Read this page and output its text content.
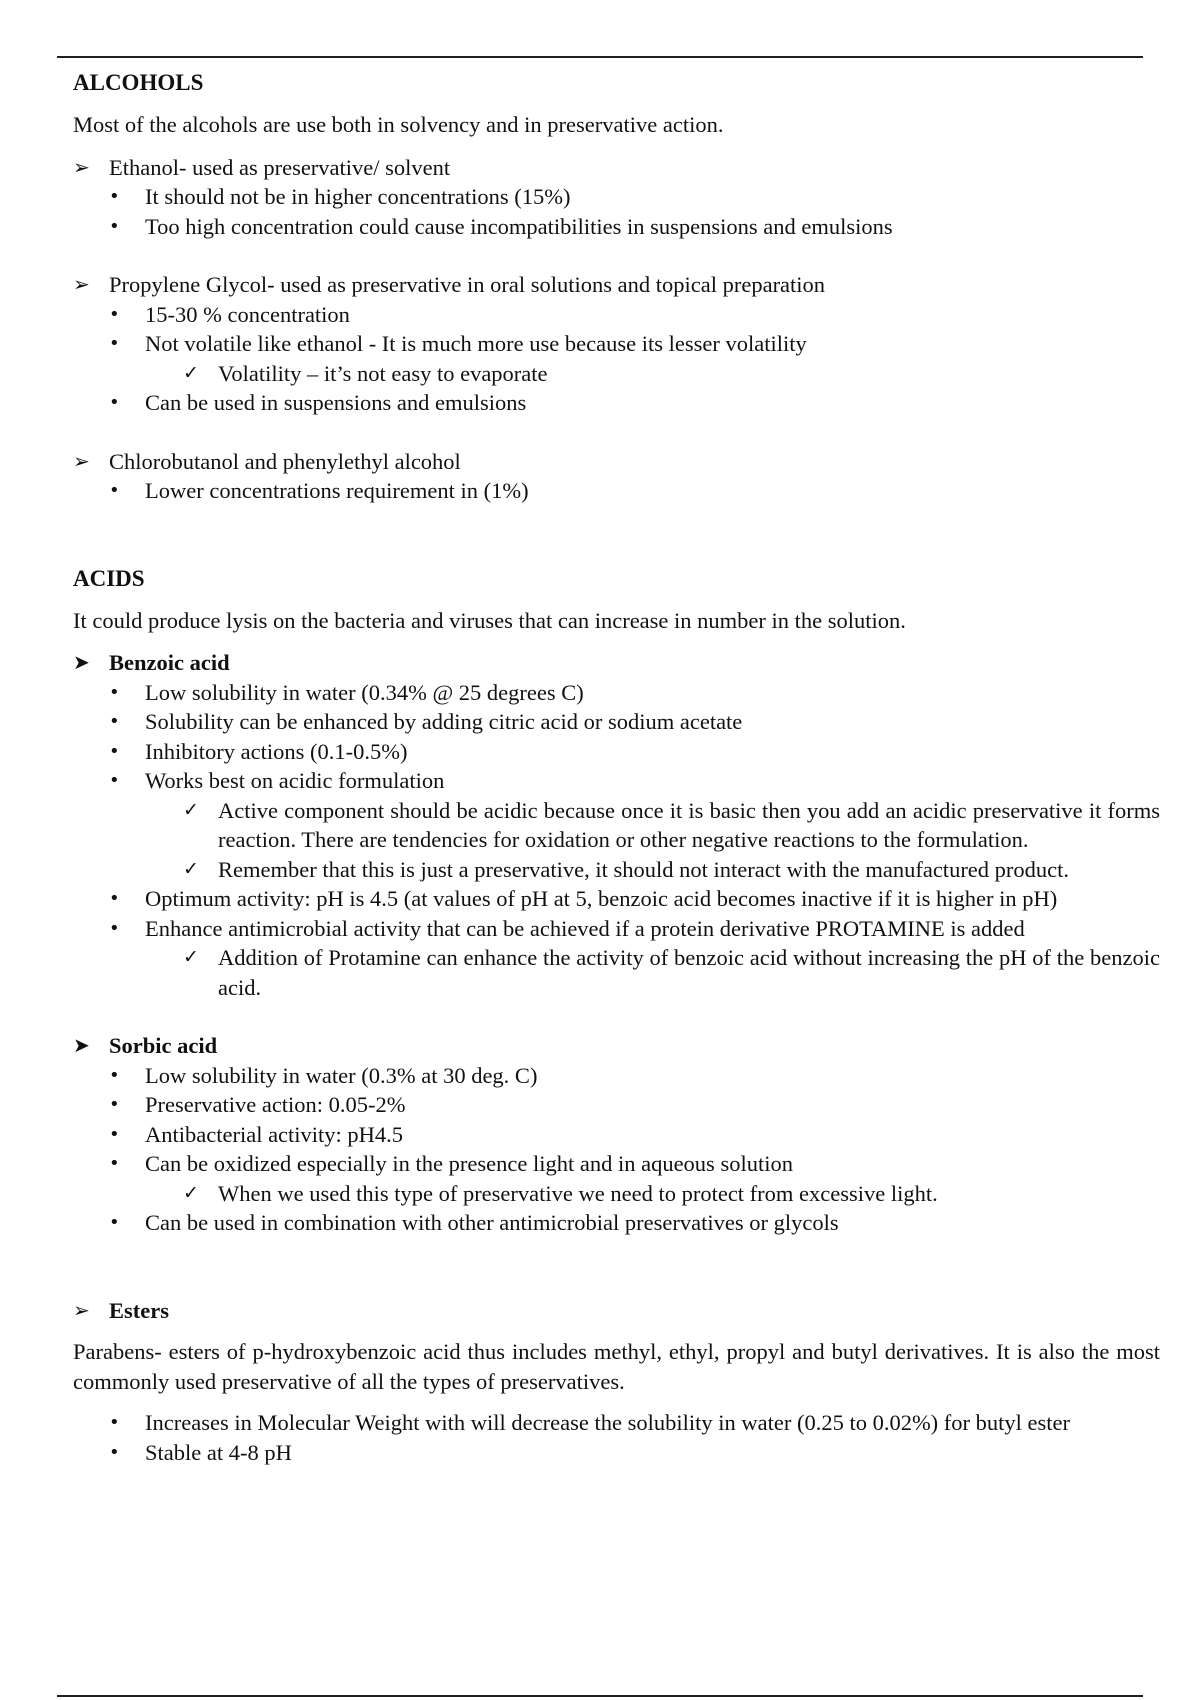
ALCOHOLS

Most of the alcohols are use both in solvency and in preservative action.

➢ Ethanol- used as preservative/ solvent
• It should not be in higher concentrations (15%)
• Too high concentration could cause incompatibilities in suspensions and emulsions
➢ Propylene Glycol- used as preservative in oral solutions and topical preparation
• 15-30 % concentration
• Not volatile like ethanol - It is much more use because its lesser volatility
✓ Volatility – it’s not easy to evaporate
• Can be used in suspensions and emulsions
➢ Chlorobutanol and phenylethyl alcohol
• Lower concentrations requirement in (1%)
ACIDS

It could produce lysis on the bacteria and viruses that can increase in number in the solution.

➤ Benzoic acid
• Low solubility in water (0.34% @ 25 degrees C)
• Solubility can be enhanced by adding citric acid or sodium acetate
• Inhibitory actions (0.1-0.5%)
• Works best on acidic formulation
✓ Active component should be acidic because once it is basic then you add an acidic preservative it forms reaction. There are tendencies for oxidation or other negative reactions to the formulation.
✓ Remember that this is just a preservative, it should not interact with the manufactured product.
• Optimum activity: pH is 4.5 (at values of pH at 5, benzoic acid becomes inactive if it is higher in pH)
• Enhance antimicrobial activity that can be achieved if a protein derivative PROTAMINE is added
✓ Addition of Protamine can enhance the activity of benzoic acid without increasing the pH of the benzoic acid.
➤ Sorbic acid
• Low solubility in water (0.3% at 30 deg. C)
• Preservative action: 0.05-2%
• Antibacterial activity: pH4.5
• Can be oxidized especially in the presence light and in aqueous solution
✓ When we used this type of preservative we need to protect from excessive light.
• Can be used in combination with other antimicrobial preservatives or glycols
➢ Esters

Parabens- esters of p-hydroxybenzoic acid thus includes methyl, ethyl, propyl and butyl derivatives. It is also the most commonly used preservative of all the types of preservatives.

• Increases in Molecular Weight with will decrease the solubility in water (0.25 to 0.02%) for butyl ester
• Stable at 4-8 pH
